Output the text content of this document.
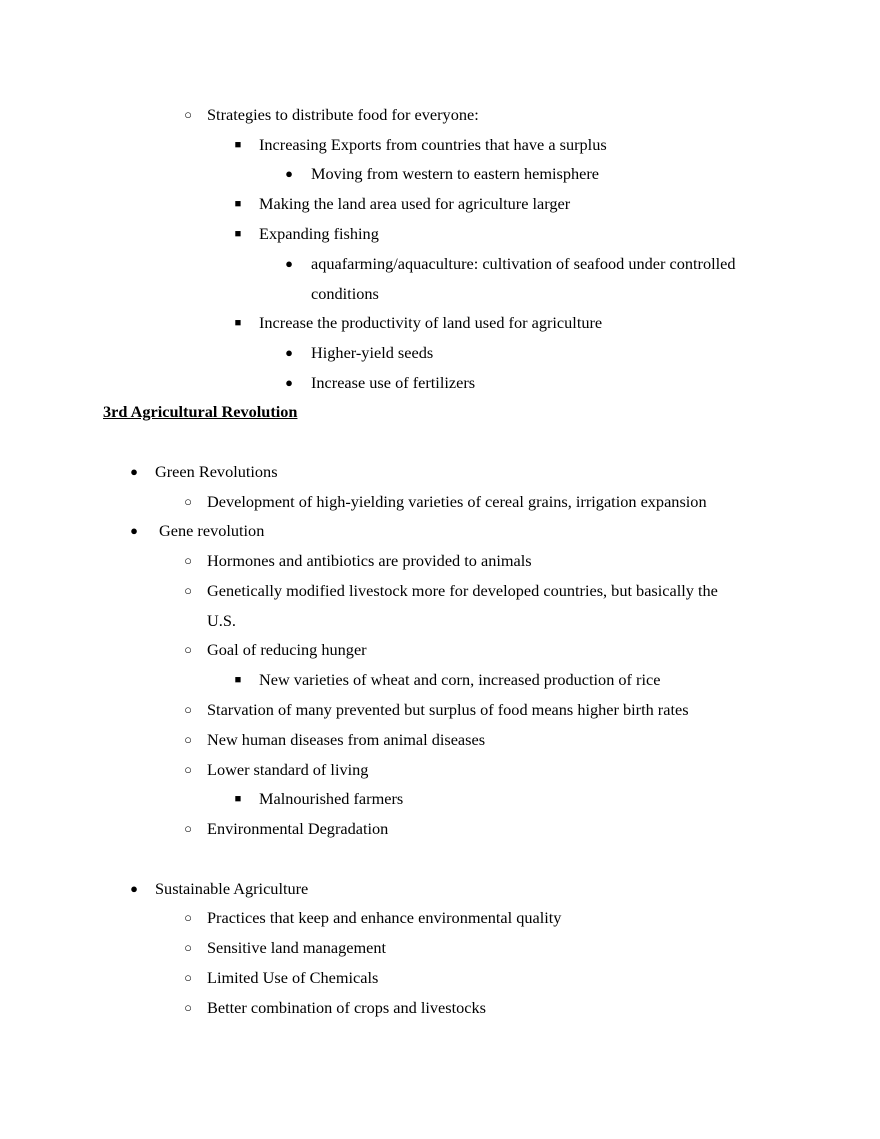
○ Strategies to distribute food for everyone:
■	Increasing Exports from countries that have a surplus
●	Moving from western to eastern hemisphere
■	Making the land area used for agriculture larger
■	Expanding fishing
●	aquafarming/aquaculture: cultivation of seafood under controlled
conditions
■	Increase the productivity of land used for agriculture
●	Higher-yield seeds
●	Increase use of fertilizers
3rd Agricultural Revolution
●	Green Revolutions
○ Development of high-yielding varieties of cereal grains, irrigation expansion
●	Gene revolution
○ Hormones and antibiotics are provided to animals
○ Genetically modified livestock more for developed countries, but basically the
U.S.
○ Goal of reducing hunger
■	New varieties of wheat and corn, increased production of rice
○ Starvation of many prevented but surplus of food means higher birth rates
○ New human diseases from animal diseases
○ Lower standard of living
■	Malnourished farmers
○ Environmental Degradation
●	Sustainable Agriculture
○ Practices that keep and enhance environmental quality
○ Sensitive land management
○ Limited Use of Chemicals
○ Better combination of crops and livestocks
